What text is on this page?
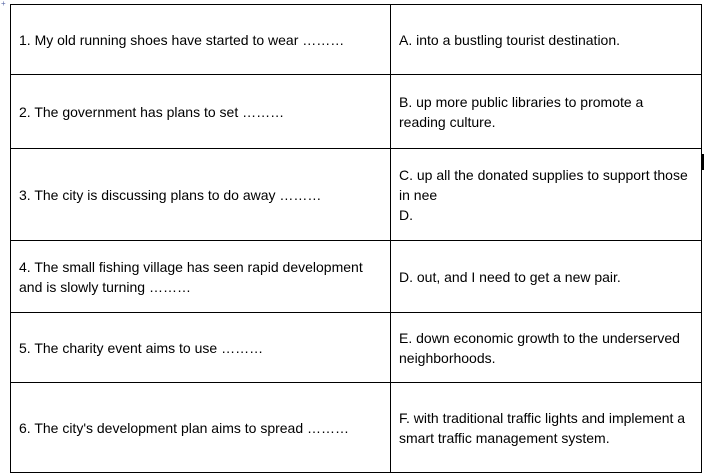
+
1. My old running shoes have started to wear ………	A. into a bustling tourist destination.
2. The government has plans to set ………	B. up more public libraries to promote a reading culture.
3. The city is discussing plans to do away ………	C. up all the donated supplies to support those in nee
D.
4. The small fishing village has seen rapid development and is slowly turning ………	D. out, and I need to get a new pair.
5. The charity event aims to use ………	E. down economic growth to the underserved neighborhoods.
6. The city's development plan aims to spread ………	F. with traditional traffic lights and implement a smart traffic management system.
